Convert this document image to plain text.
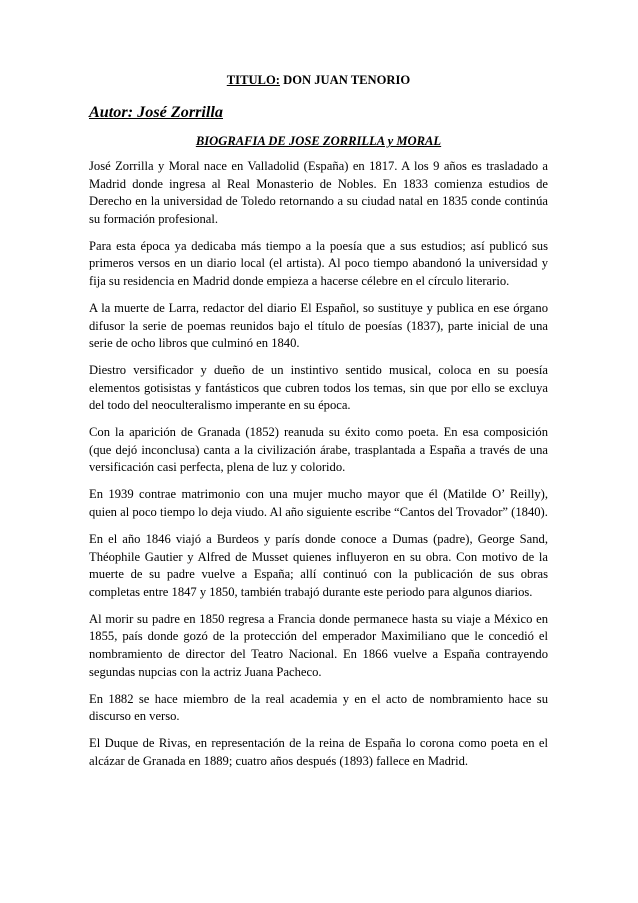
TITULO: DON JUAN TENORIO
Autor: José Zorrilla
BIOGRAFIA DE JOSE ZORRILLA y MORAL

José Zorrilla y Moral nace en Valladolid (España) en 1817. A los 9 años es trasladado a Madrid donde ingresa al Real Monasterio de Nobles. En 1833 comienza estudios de Derecho en la universidad de Toledo retornando a su ciudad natal en 1835 conde continúa su formación profesional.

Para esta época ya dedicaba más tiempo a la poesía que a sus estudios; así publicó sus primeros versos en un diario local (el artista). Al poco tiempo abandonó la universidad y fija su residencia en Madrid donde empieza a hacerse célebre en el círculo literario.

A la muerte de Larra, redactor del diario El Español, so sustituye y publica en ese órgano difusor la serie de poemas reunidos bajo el título de poesías (1837), parte inicial de una serie de ocho libros que culminó en 1840.

Diestro versificador y dueño de un instintivo sentido musical, coloca en su poesía elementos gotisistas y fantásticos que cubren todos los temas, sin que por ello se excluya del todo del neoculteralismo imperante en su época.

Con la aparición de Granada (1852) reanuda su éxito como poeta. En esa composición (que dejó inconclusa) canta a la civilización árabe, trasplantada a España a través de una versificación casi perfecta, plena de luz y colorido.

En 1939 contrae matrimonio con una mujer mucho mayor que él (Matilde O’ Reilly), quien al poco tiempo lo deja viudo. Al año siguiente escribe “Cantos del Trovador” (1840).

En el año 1846 viajó a Burdeos y parís donde conoce a Dumas (padre), George Sand, Théophile Gautier y Alfred de Musset quienes influyeron en su obra. Con motivo de la muerte de su padre vuelve a España; allí continuó con la publicación de sus obras completas entre 1847 y 1850, también trabajó durante este periodo para algunos diarios.

Al morir su padre en 1850 regresa a Francia donde permanece hasta su viaje a México en 1855, país donde gozó de la protección del emperador Maximiliano que le concedió el nombramiento de director del Teatro Nacional. En 1866 vuelve a España contrayendo segundas nupcias con la actriz Juana Pacheco.

En 1882 se hace miembro de la real academia y en el acto de nombramiento hace su discurso en verso.

El Duque de Rivas, en representación de la reina de España lo corona como poeta en el alcázar de Granada en 1889; cuatro años después (1893) fallece en Madrid.
